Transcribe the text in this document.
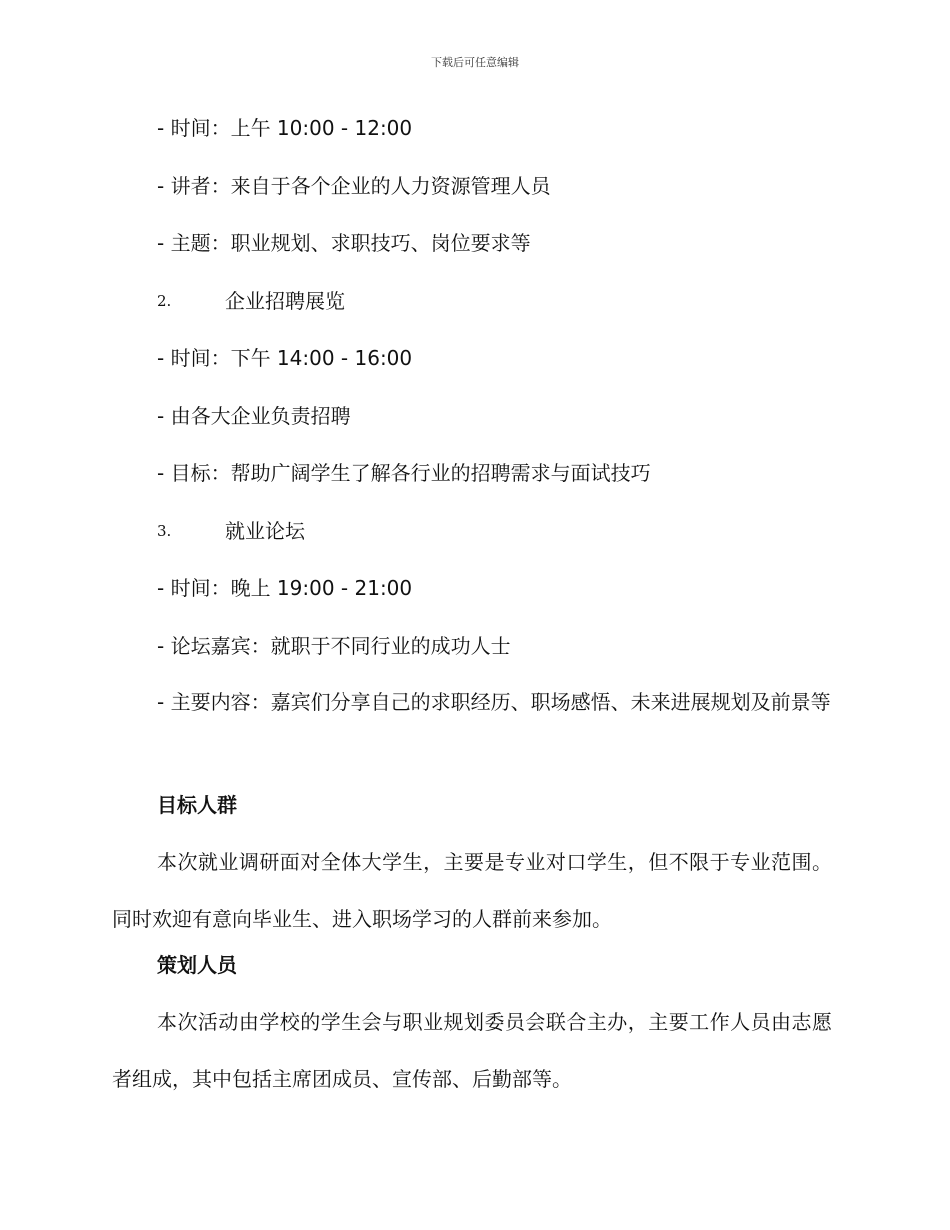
下载后可任意编辑
- 时间：上午 10:00 - 12:00
- 讲者：来自于各个企业的人力资源管理人员
- 主题：职业规划、求职技巧、岗位要求等
2.	企业招聘展览
- 时间：下午 14:00 - 16:00
- 由各大企业负责招聘
- 目标：帮助广阔学生了解各行业的招聘需求与面试技巧
3.	就业论坛
- 时间：晚上 19:00 - 21:00
- 论坛嘉宾：就职于不同行业的成功人士
- 主要内容：嘉宾们分享自己的求职经历、职场感悟、未来进展规划及前景等
目标人群
本次就业调研面对全体大学生，主要是专业对口学生，但不限于专业范围。同时欢迎有意向毕业生、进入职场学习的人群前来参加。
策划人员
本次活动由学校的学生会与职业规划委员会联合主办，主要工作人员由志愿者组成，其中包括主席团成员、宣传部、后勤部等。
